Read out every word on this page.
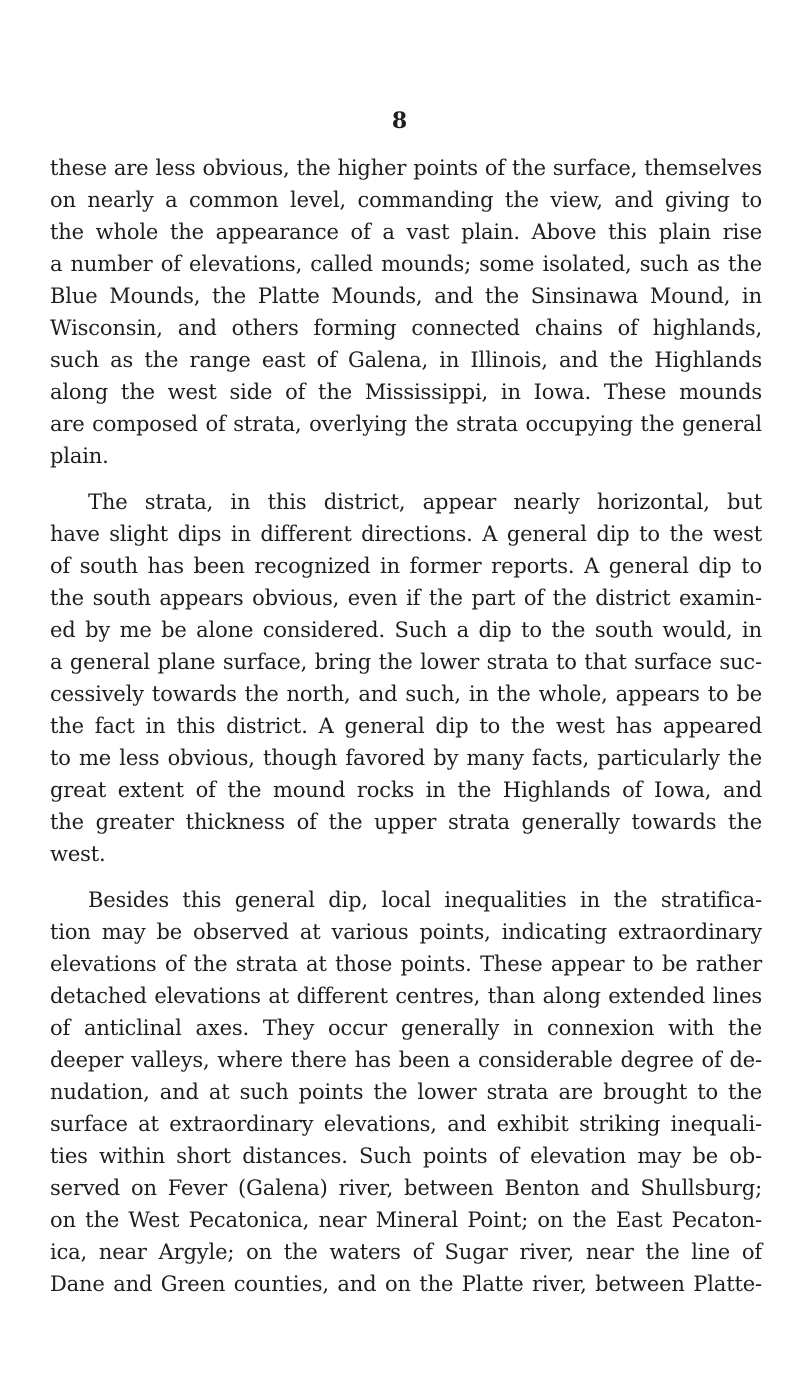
8
these are less obvious, the higher points of the surface, themselves
on nearly a common level, commanding the view, and giving to
the whole the appearance of a vast plain. Above this plain rise
a number of elevations, called mounds; some isolated, such as the
Blue Mounds, the Platte Mounds, and the Sinsinawa Mound, in
Wisconsin, and others forming connected chains of highlands,
such as the range east of Galena, in Illinois, and the Highlands
along the west side of the Mississippi, in Iowa. These mounds
are composed of strata, overlying the strata occupying the general
plain.
The strata, in this district, appear nearly horizontal, but
have slight dips in different directions. A general dip to the west
of south has been recognized in former reports. A general dip to
the south appears obvious, even if the part of the district examin-
ed by me be alone considered. Such a dip to the south would, in
a general plane surface, bring the lower strata to that surface suc-
cessively towards the north, and such, in the whole, appears to be
the fact in this district. A general dip to the west has appeared
to me less obvious, though favored by many facts, particularly the
great extent of the mound rocks in the Highlands of Iowa, and
the greater thickness of the upper strata generally towards the
west.
Besides this general dip, local inequalities in the stratifica-
tion may be observed at various points, indicating extraordinary
elevations of the strata at those points. These appear to be rather
detached elevations at different centres, than along extended lines
of anticlinal axes. They occur generally in connexion with the
deeper valleys, where there has been a considerable degree of de-
nudation, and at such points the lower strata are brought to the
surface at extraordinary elevations, and exhibit striking inequali-
ties within short distances. Such points of elevation may be ob-
served on Fever (Galena) river, between Benton and Shullsburg;
on the West Pecatonica, near Mineral Point; on the East Pecaton-
ica, near Argyle; on the waters of Sugar river, near the line of
Dane and Green counties, and on the Platte river, between Platte-
